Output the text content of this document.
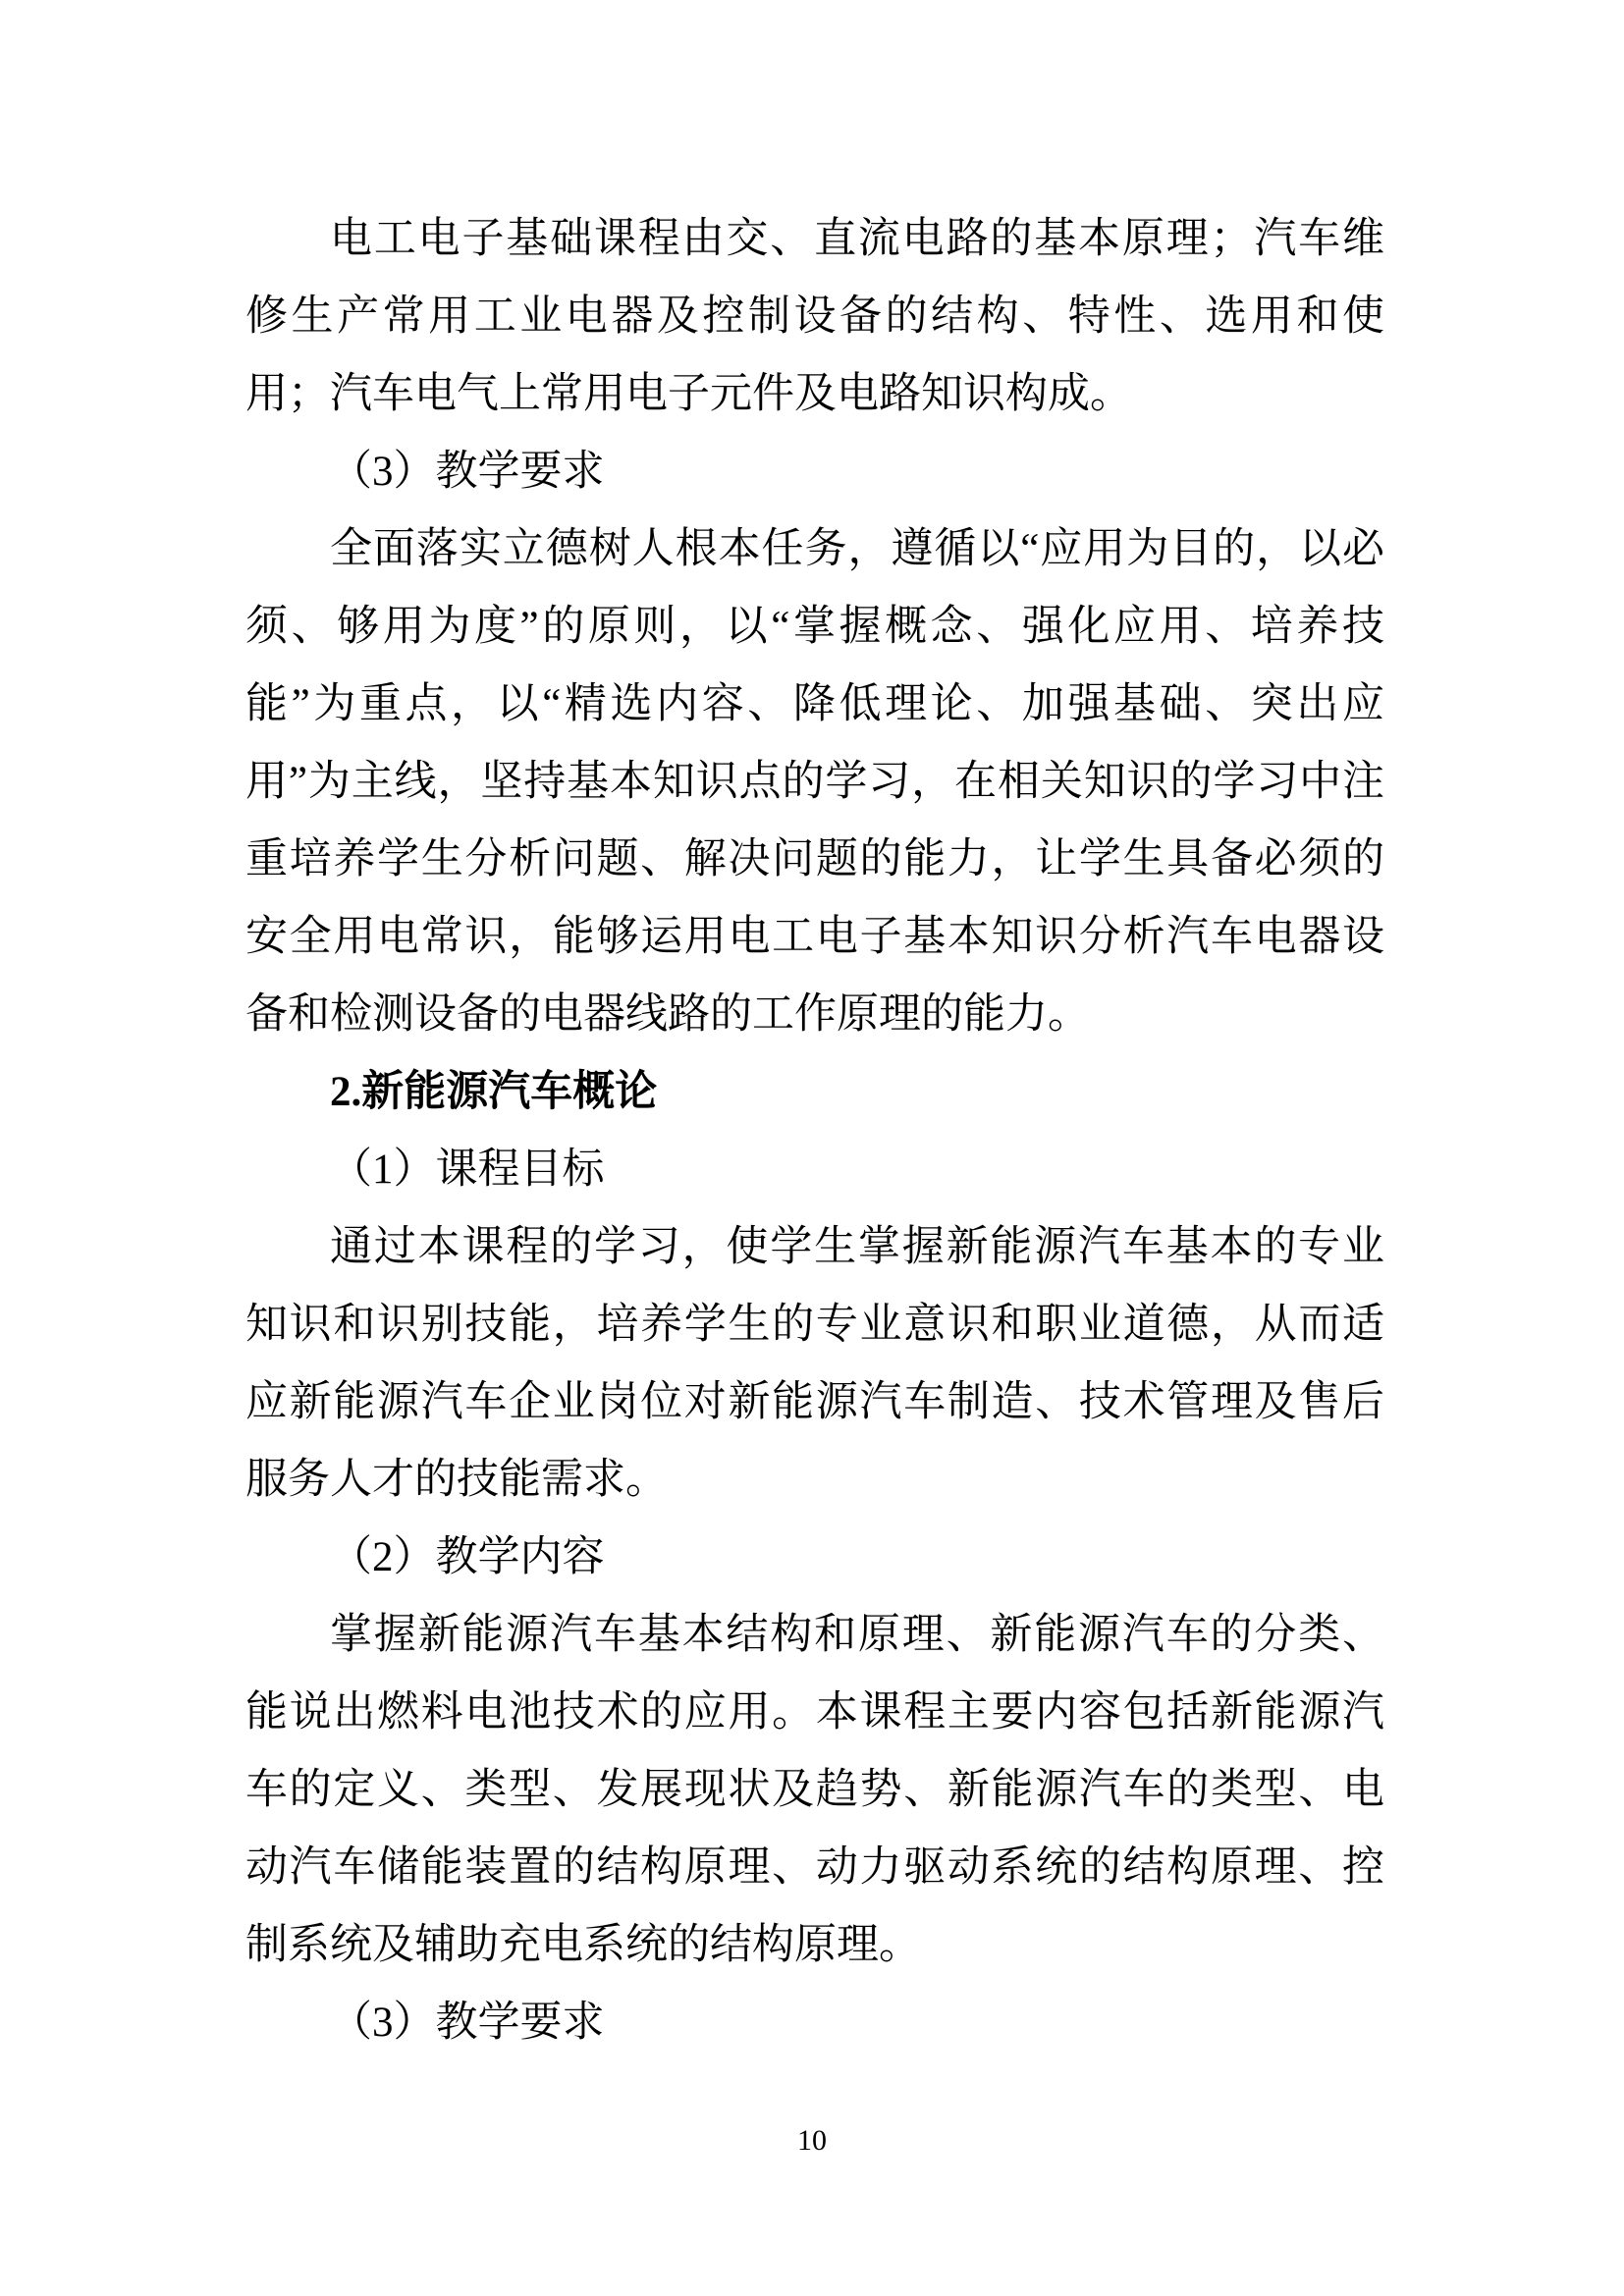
电工电子基础课程由交、直流电路的基本原理；汽车维修生产常用工业电器及控制设备的结构、特性、选用和使用；汽车电气上常用电子元件及电路知识构成。

（3）教学要求

全面落实立德树人根本任务，遵循以“应用为目的，以必须、够用为度”的原则，以“掌握概念、强化应用、培养技能”为重点，以“精选内容、降低理论、加强基础、突出应用”为主线，坚持基本知识点的学习，在相关知识的学习中注重培养学生分析问题、解决问题的能力，让学生具备必须的安全用电常识，能够运用电工电子基本知识分析汽车电器设备和检测设备的电器线路的工作原理的能力。

2.新能源汽车概论

（1）课程目标

通过本课程的学习，使学生掌握新能源汽车基本的专业知识和识别技能，培养学生的专业意识和职业道德，从而适应新能源汽车企业岗位对新能源汽车制造、技术管理及售后服务人才的技能需求。

（2）教学内容

掌握新能源汽车基本结构和原理、新能源汽车的分类、能说出燃料电池技术的应用。本课程主要内容包括新能源汽车的定义、类型、发展现状及趋势、新能源汽车的类型、电动汽车储能装置的结构原理、动力驱动系统的结构原理、控制系统及辅助充电系统的结构原理。

（3）教学要求

10
